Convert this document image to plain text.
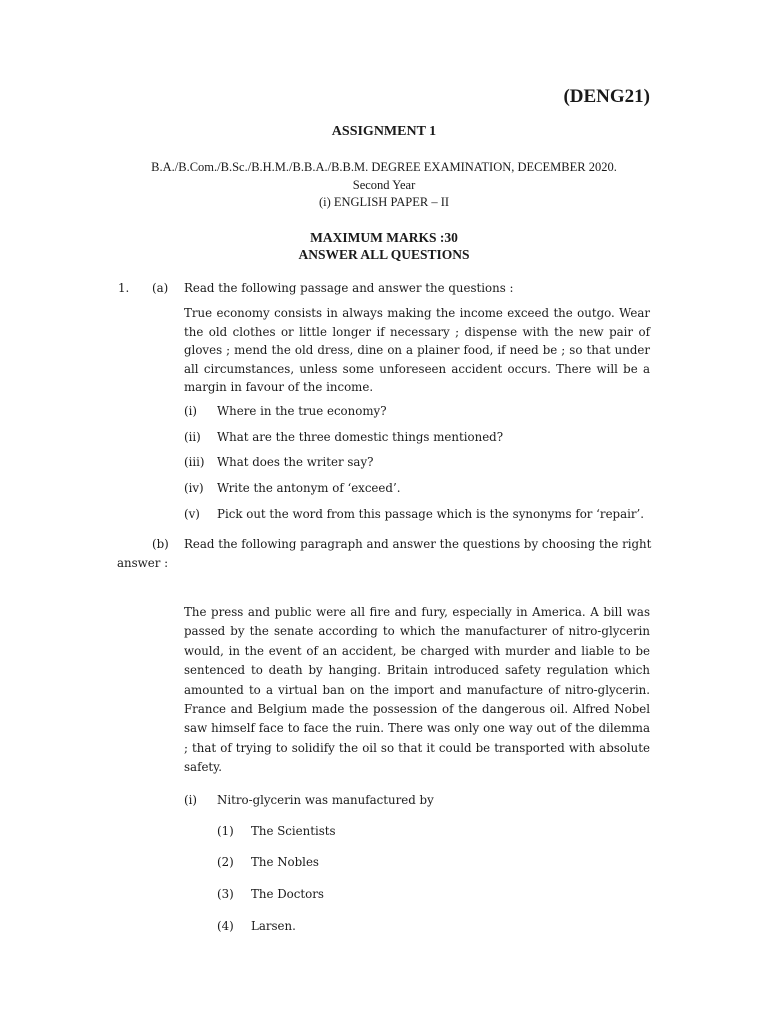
(DENG21)
ASSIGNMENT 1
B.A./B.Com./B.Sc./B.H.M./B.B.A./B.B.M. DEGREE EXAMINATION, DECEMBER 2020.
Second Year
(i) ENGLISH PAPER – II
MAXIMUM MARKS :30
ANSWER ALL QUESTIONS
1. (a) Read the following passage and answer the questions :
True economy consists in always making the income exceed the outgo. Wear the old clothes or little longer if necessary ; dispense with the new pair of gloves ; mend the old dress, dine on a plainer food, if need be ; so that under all circumstances, unless some unforeseen accident occurs. There will be a margin in favour of the income.
(i) Where in the true economy?
(ii) What are the three domestic things mentioned?
(iii) What does the writer say?
(iv) Write the antonym of ‘exceed’.
(v) Pick out the word from this passage which is the synonyms for ‘repair’.
(b) Read the following paragraph and answer the questions by choosing the right
answer :
The press and public were all fire and fury, especially in America. A bill was passed by the senate according to which the manufacturer of nitro-glycerin would, in the event of an accident, be charged with murder and liable to be sentenced to death by hanging. Britain introduced safety regulation which amounted to a virtual ban on the import and manufacture of nitro-glycerin. France and Belgium made the possession of the dangerous oil. Alfred Nobel saw himself face to face the ruin. There was only one way out of the dilemma ; that of trying to solidify the oil so that it could be transported with absolute safety.
(i) Nitro-glycerin was manufactured by
(1) The Scientists
(2) The Nobles
(3) The Doctors
(4) Larsen.
